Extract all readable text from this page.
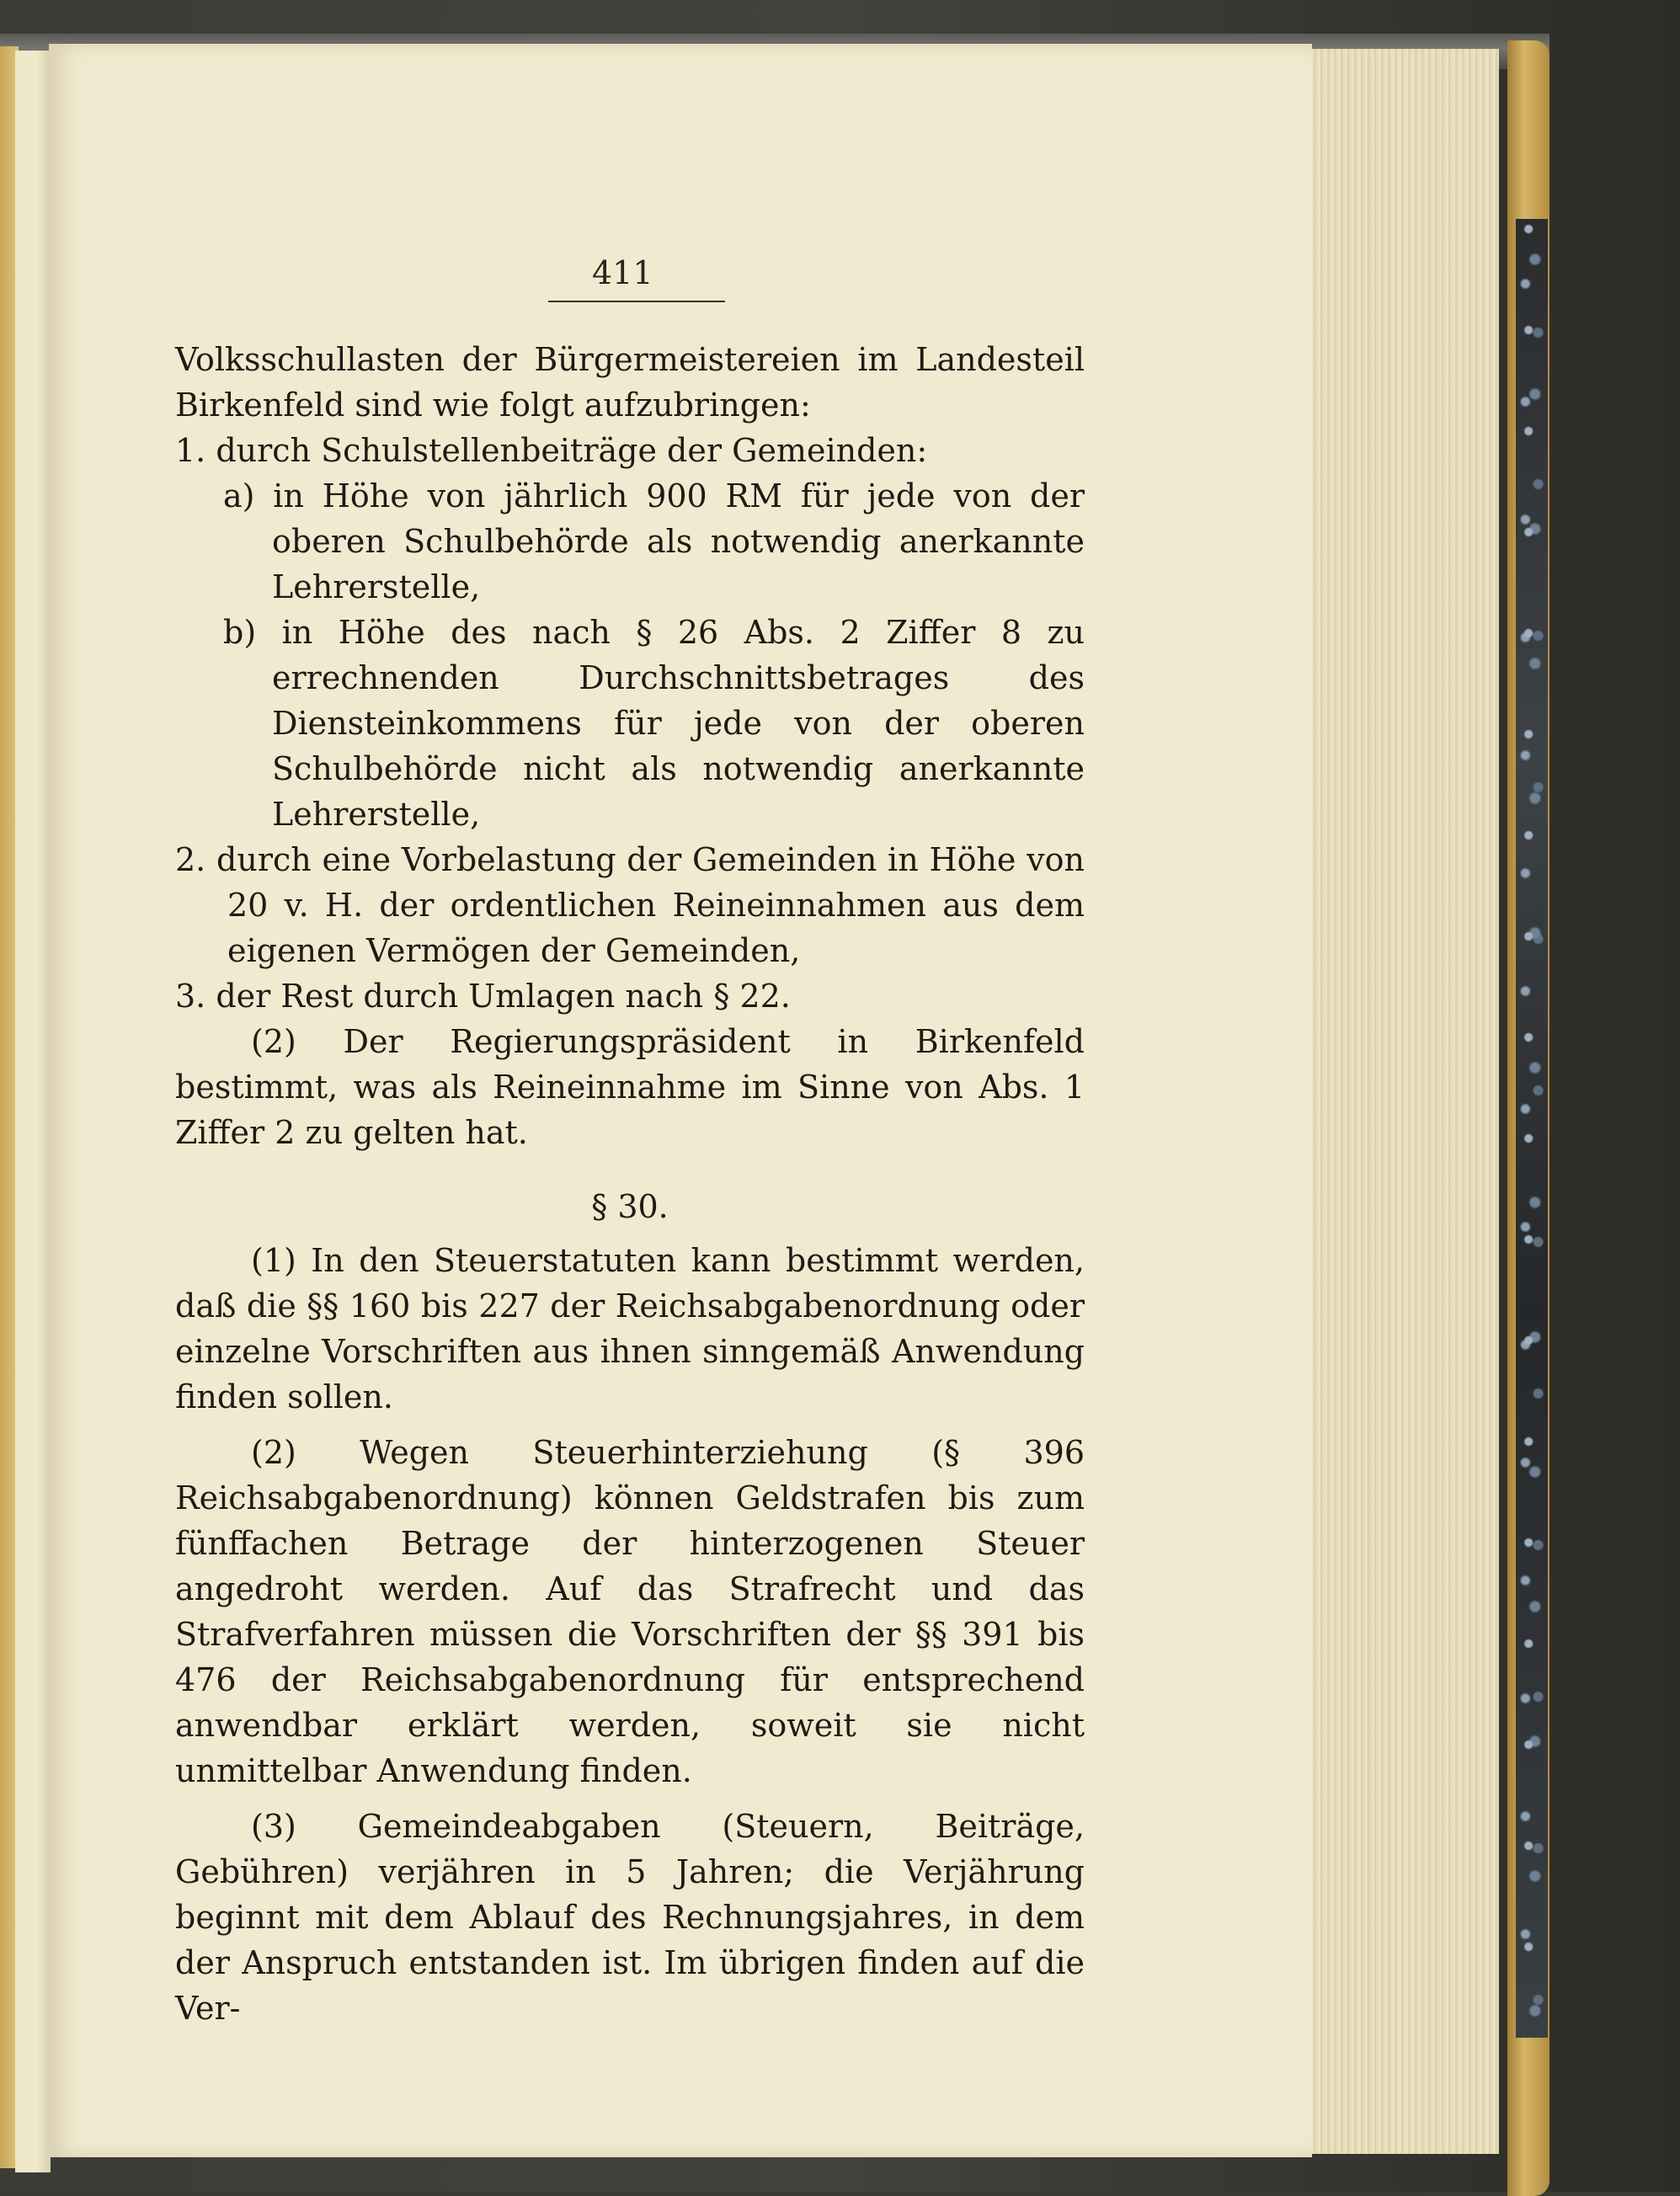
411

Volksschullasten der Bürgermeistereien im Landesteil Birkenfeld sind wie folgt aufzubringen:

1. durch Schulstellenbeiträge der Gemeinden:

a) in Höhe von jährlich 900 RM für jede von der oberen Schulbehörde als notwendig anerkannte Lehrerstelle,

b) in Höhe des nach § 26 Abs. 2 Ziffer 8 zu errechnenden Durchschnittsbetrages des Diensteinkommens für jede von der oberen Schulbehörde nicht als notwendig anerkannte Lehrerstelle,

2. durch eine Vorbelastung der Gemeinden in Höhe von 20 v. H. der ordentlichen Reineinnahmen aus dem eigenen Vermögen der Gemeinden,

3. der Rest durch Umlagen nach § 22.

(2) Der Regierungspräsident in Birkenfeld bestimmt, was als Reineinnahme im Sinne von Abs. 1 Ziffer 2 zu gelten hat.

§ 30.

(1) In den Steuerstatuten kann bestimmt werden, daß die §§ 160 bis 227 der Reichsabgabenordnung oder einzelne Vorschriften aus ihnen sinngemäß Anwendung finden sollen.

(2) Wegen Steuerhinterziehung (§ 396 Reichsabgabenordnung) können Geldstrafen bis zum fünffachen Betrage der hinterzogenen Steuer angedroht werden. Auf das Strafrecht und das Strafverfahren müssen die Vorschriften der §§ 391 bis 476 der Reichsabgabenordnung für entsprechend anwendbar erklärt werden, soweit sie nicht unmittelbar Anwendung finden.

(3) Gemeindeabgaben (Steuern, Beiträge, Gebühren) verjähren in 5 Jahren; die Verjährung beginnt mit dem Ablauf des Rechnungsjahres, in dem der Anspruch entstanden ist. Im übrigen finden auf die Ver-
